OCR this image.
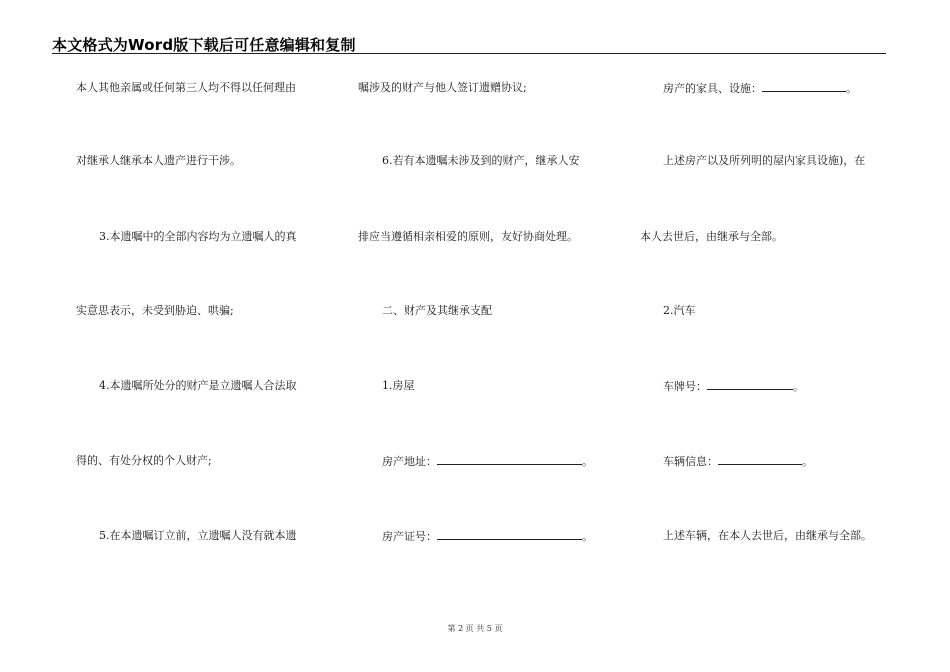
本文格式为Word版下载后可任意编辑和复制
本人其他亲属或任何第三人均不得以任何理由
对继承人继承本人遗产进行干涉。
3.本遗嘱中的全部内容均为立遗嘱人的真
实意思表示，未受到胁迫、哄骗;
4.本遗嘱所处分的财产是立遗嘱人合法取
得的、有处分权的个人财产;
5.在本遗嘱订立前，立遗嘱人没有就本遗
嘱涉及的财产与他人签订遗赠协议;
6.若有本遗嘱未涉及到的财产，继承人安
排应当遵循相亲相爱的原则，友好协商处理。
二、财产及其继承支配
1.房屋
房产地址：	。
房产证号：	。
房产的家具、设施：	。
上述房产以及所列明的屋内家具设施)，在
本人去世后，由继承与全部。
2.汽车
车牌号：	。
车辆信息：	。
上述车辆，在本人去世后，由继承与全部。
第 2 页 共 5 页
